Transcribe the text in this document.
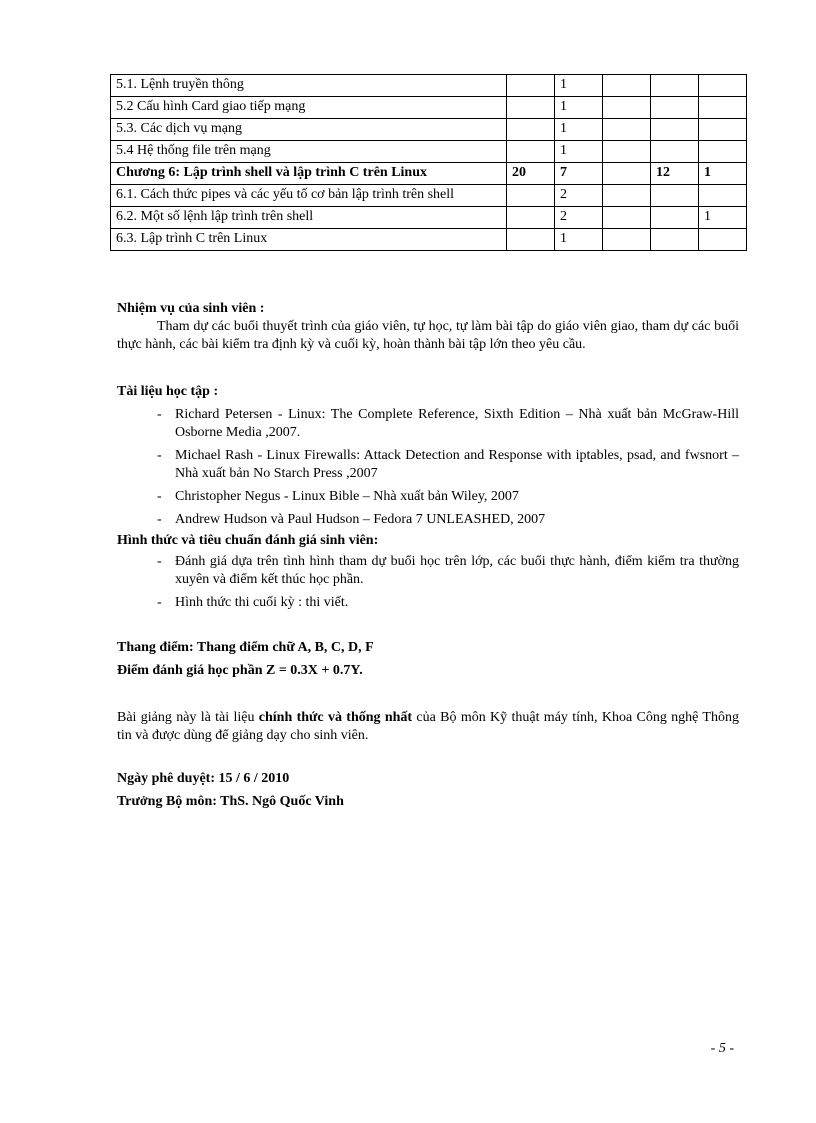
5.1. Lệnh truyền thông		1			
5.2 Cấu hình Card giao tiếp mạng		1			
5.3. Các dịch vụ mạng		1			
5.4 Hệ thống file trên mạng		1			
Chương 6: Lập trình shell và lập trình C trên Linux	20	7		12	1
6.1. Cách thức pipes và các yếu tố cơ bản lập trình trên shell		2			
6.2. Một số lệnh lập trình trên shell		2			1
6.3. Lập trình C trên Linux		1			

Nhiệm vụ của sinh viên :

Tham dự các buổi thuyết trình của giáo viên, tự học, tự làm bài tập do giáo viên giao, tham dự các buổi thực hành, các bài kiểm tra định kỳ và cuối kỳ, hoàn thành bài tập lớn theo yêu cầu.

Tài liệu học tập :

- Richard Petersen - Linux: The Complete Reference, Sixth Edition – Nhà xuất bản McGraw-Hill Osborne Media ,2007.
- Michael Rash - Linux Firewalls: Attack Detection and Response with iptables, psad, and fwsnort – Nhà xuất bản No Starch Press ,2007
- Christopher Negus - Linux Bible – Nhà xuất bản Wiley, 2007
- Andrew Hudson và Paul Hudson – Fedora 7 UNLEASHED, 2007

Hình thức và tiêu chuẩn đánh giá sinh viên:

- Đánh giá dựa trên tình hình tham dự buổi học trên lớp, các buổi thực hành, điểm kiểm tra thường xuyên và điểm kết thúc học phần.
- Hình thức thi cuối kỳ : thi viết.

Thang điểm: Thang điểm chữ A, B, C, D, F

Điểm đánh giá học phần Z = 0.3X + 0.7Y.

Bài giảng này là tài liệu chính thức và thống nhất của Bộ môn Kỹ thuật máy tính, Khoa Công nghệ Thông tin và được dùng để giảng dạy cho sinh viên.

Ngày phê duyệt: 15 / 6 / 2010

Trưởng Bộ môn: ThS. Ngô Quốc Vinh

- 5 -
